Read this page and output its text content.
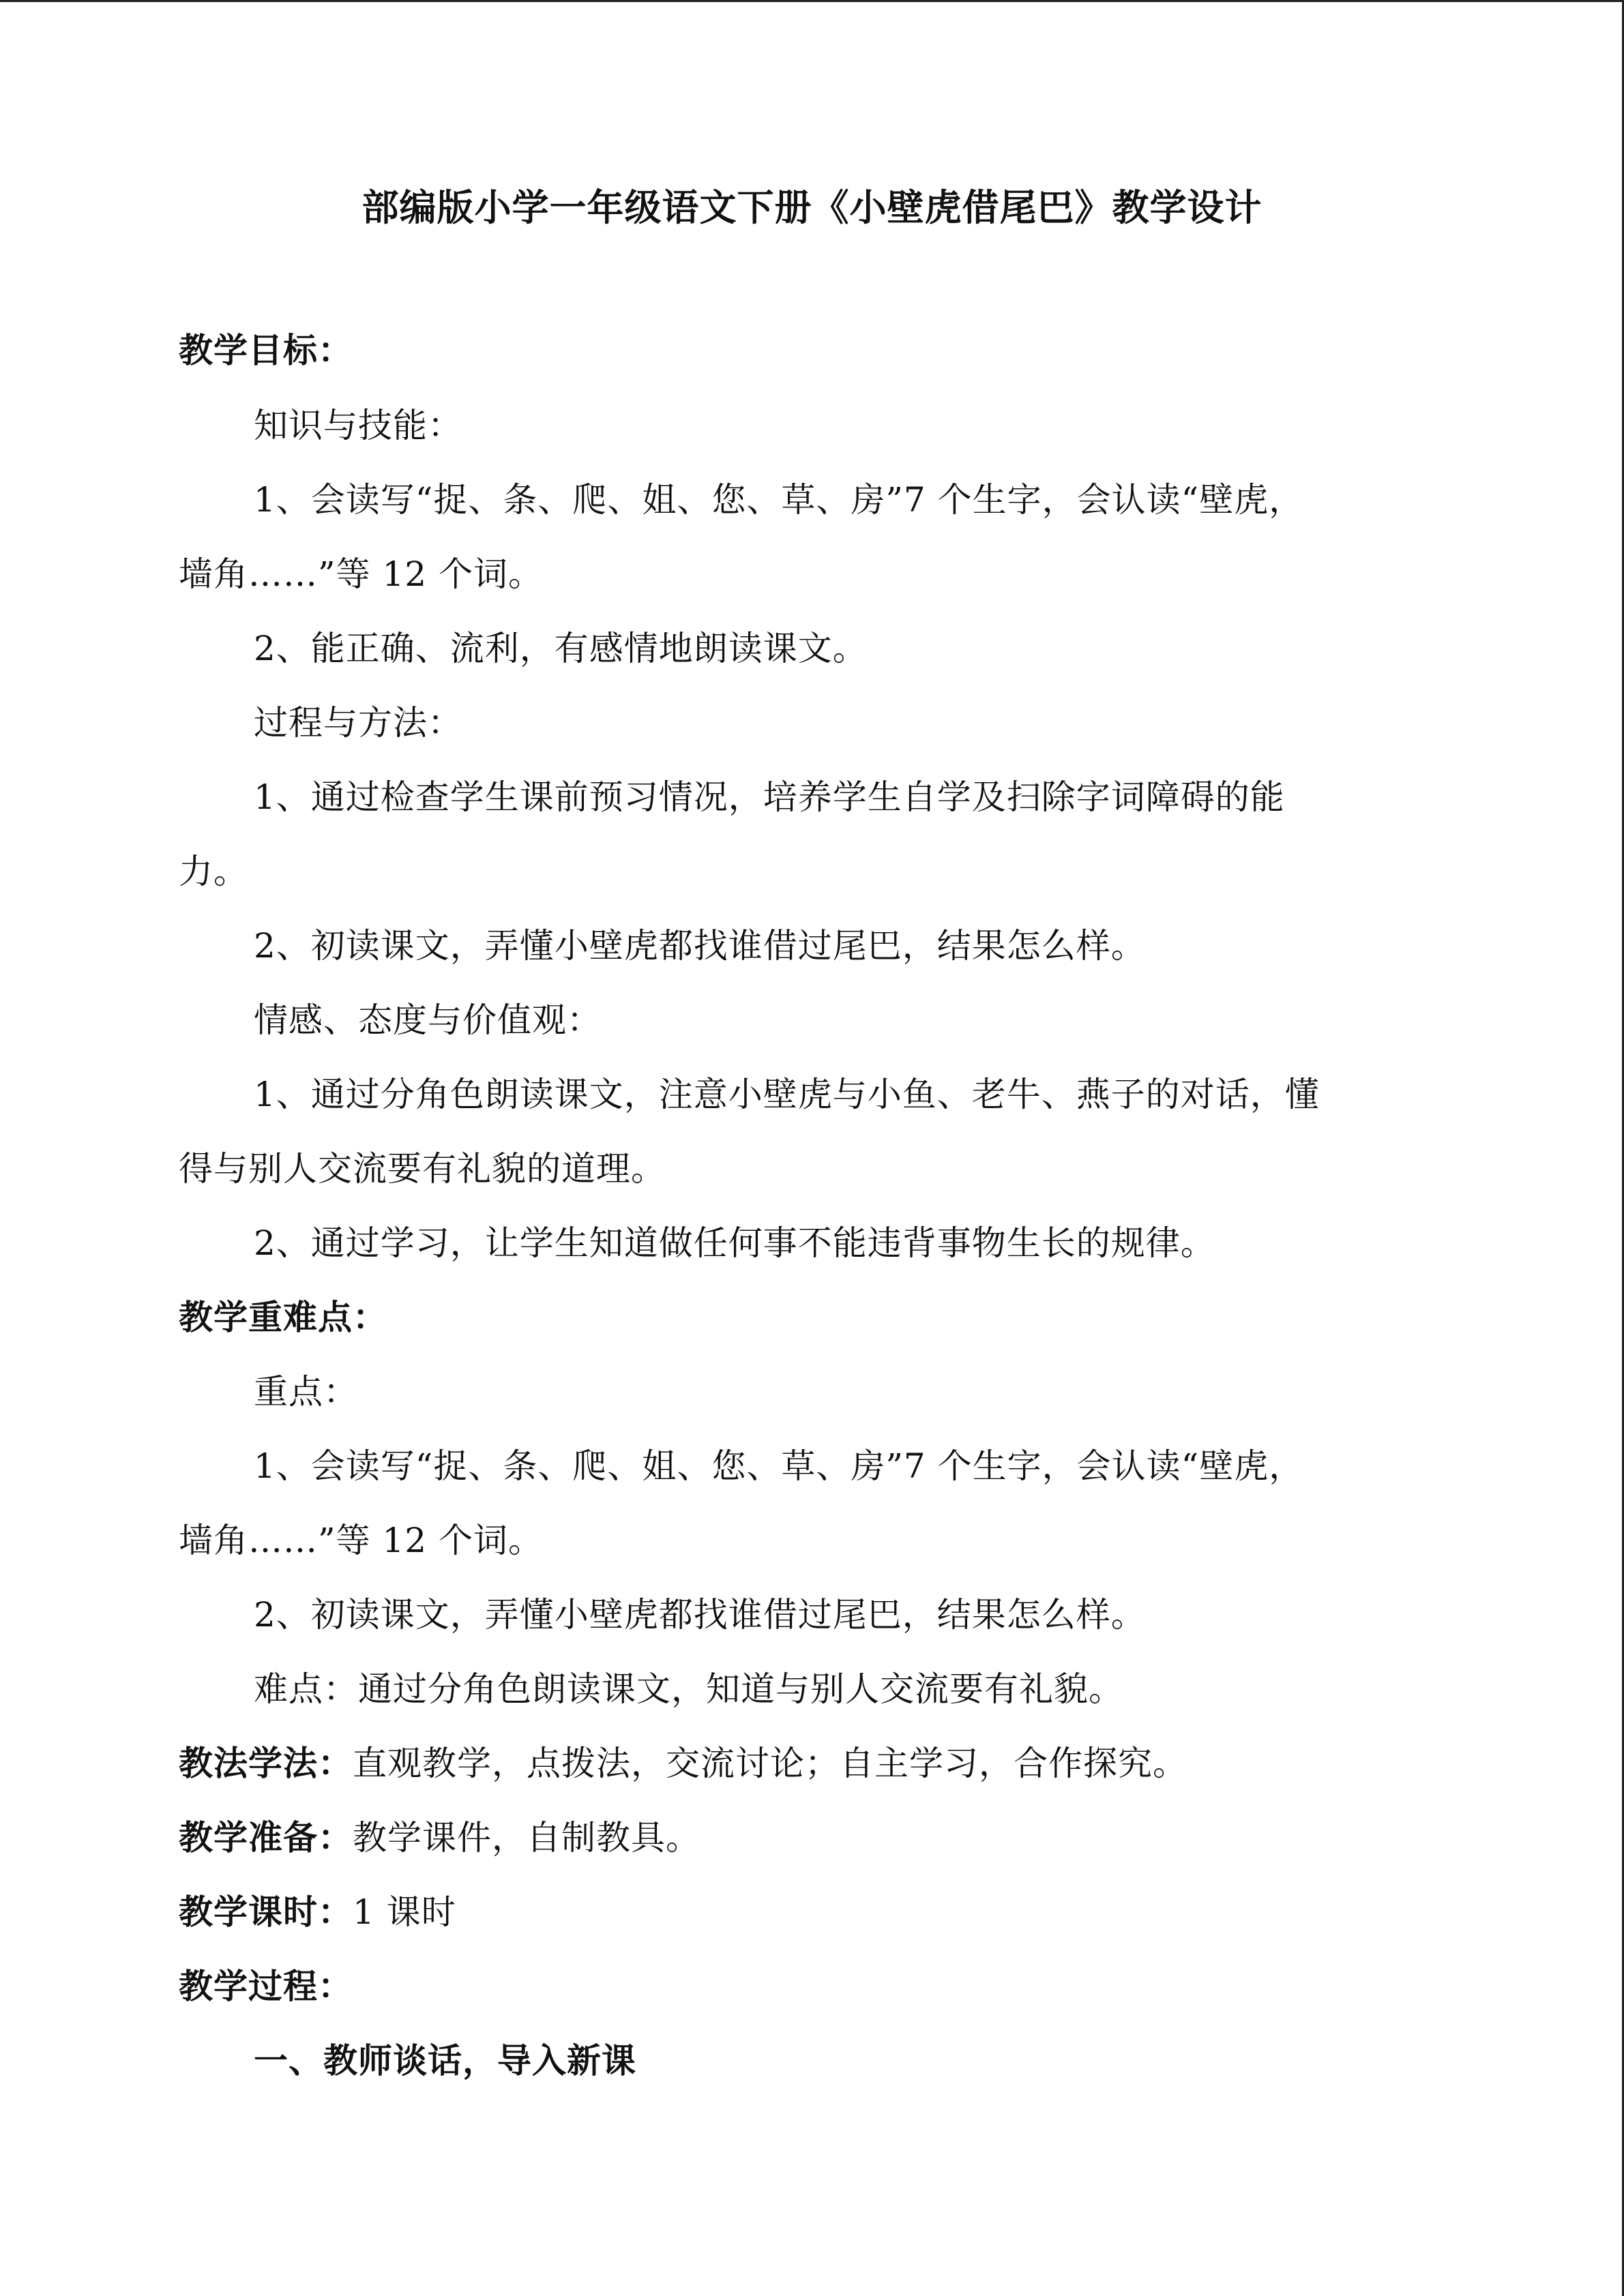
部编版小学一年级语文下册《小壁虎借尾巴》教学设计
教学目标：
知识与技能：
1、会读写“捉、条、爬、姐、您、草、房”7 个生字，会认读“壁虎，
墙角……”等 12 个词。
2、能正确、流利，有感情地朗读课文。
过程与方法：
1、通过检查学生课前预习情况，培养学生自学及扫除字词障碍的能
力。
2、初读课文，弄懂小壁虎都找谁借过尾巴，结果怎么样。
情感、态度与价值观：
1、通过分角色朗读课文，注意小壁虎与小鱼、老牛、燕子的对话，懂
得与别人交流要有礼貌的道理。
2、通过学习，让学生知道做任何事不能违背事物生长的规律。
教学重难点：
重点：
1、会读写“捉、条、爬、姐、您、草、房”7 个生字，会认读“壁虎，
墙角……”等 12 个词。
2、初读课文，弄懂小壁虎都找谁借过尾巴，结果怎么样。
难点：通过分角色朗读课文，知道与别人交流要有礼貌。
教法学法：直观教学，点拨法，交流讨论；自主学习，合作探究。
教学准备：教学课件，自制教具。
教学课时：1 课时
教学过程：
一、教师谈话，导入新课
